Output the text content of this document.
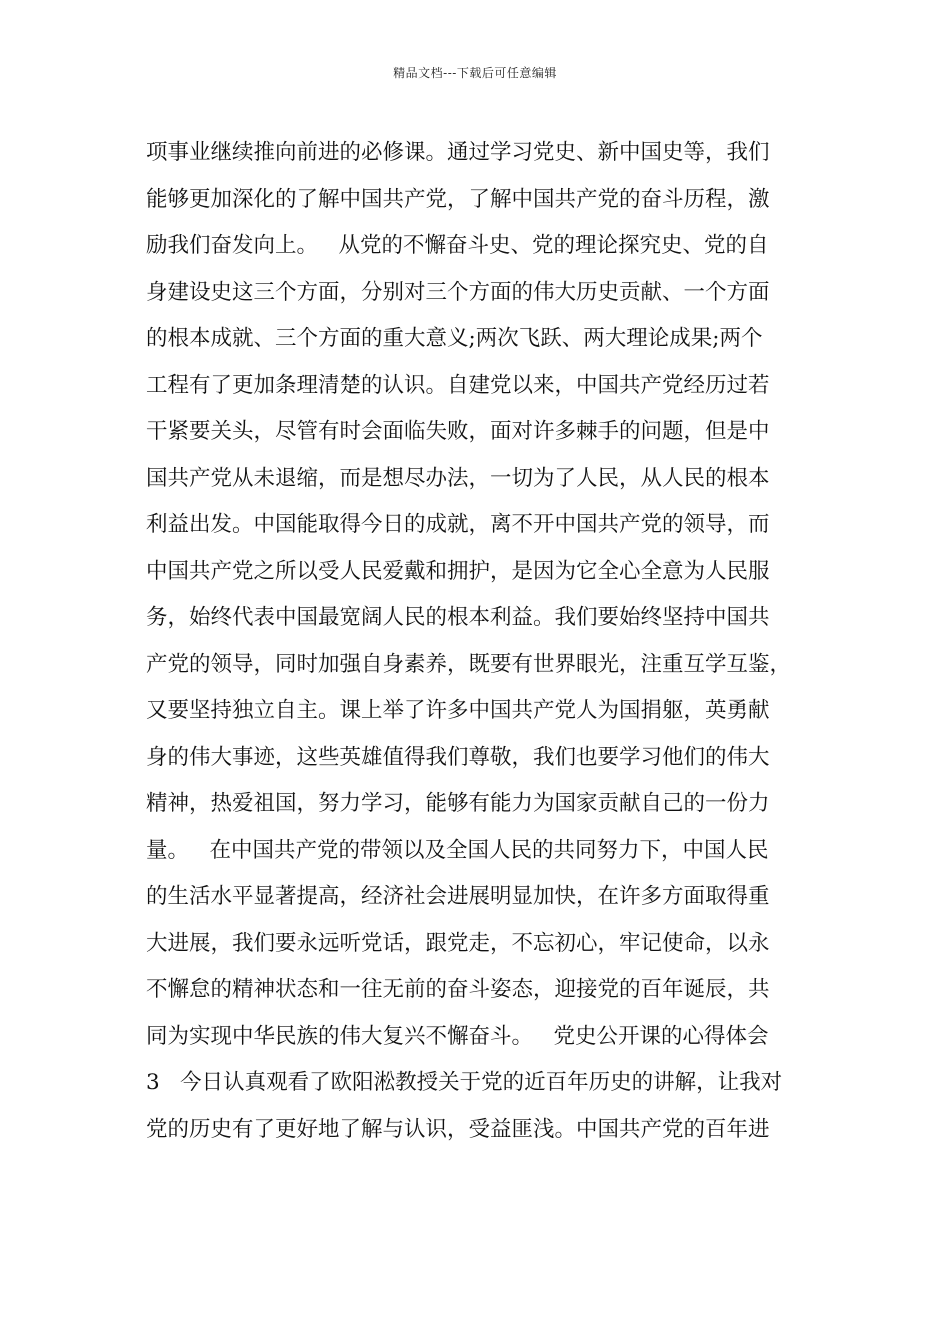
精品文档---下载后可任意编辑
项事业继续推向前进的必修课。通过学习党史、新中国史等，我们
能够更加深化的了解中国共产党，了解中国共产党的奋斗历程，激
励我们奋发向上。   从党的不懈奋斗史、党的理论探究史、党的自
身建设史这三个方面，分别对三个方面的伟大历史贡献、一个方面
的根本成就、三个方面的重大意义;两次飞跃、两大理论成果;两个
工程有了更加条理清楚的认识。自建党以来，中国共产党经历过若
干紧要关头，尽管有时会面临失败，面对许多棘手的问题，但是中
国共产党从未退缩，而是想尽办法，一切为了人民，从人民的根本
利益出发。中国能取得今日的成就，离不开中国共产党的领导，而
中国共产党之所以受人民爱戴和拥护，是因为它全心全意为人民服
务，始终代表中国最宽阔人民的根本利益。我们要始终坚持中国共
产党的领导，同时加强自身素养，既要有世界眼光，注重互学互鉴，
又要坚持独立自主。课上举了许多中国共产党人为国捐躯，英勇献
身的伟大事迹，这些英雄值得我们尊敬，我们也要学习他们的伟大
精神，热爱祖国，努力学习，能够有能力为国家贡献自己的一份力
量。   在中国共产党的带领以及全国人民的共同努力下，中国人民
的生活水平显著提高，经济社会进展明显加快，在许多方面取得重
大进展，我们要永远听党话，跟党走，不忘初心，牢记使命，以永
不懈怠的精神状态和一往无前的奋斗姿态，迎接党的百年诞辰，共
同为实现中华民族的伟大复兴不懈奋斗。   党史公开课的心得体会
3   今日认真观看了欧阳淞教授关于党的近百年历史的讲解，让我对
党的历史有了更好地了解与认识，受益匪浅。中国共产党的百年进
